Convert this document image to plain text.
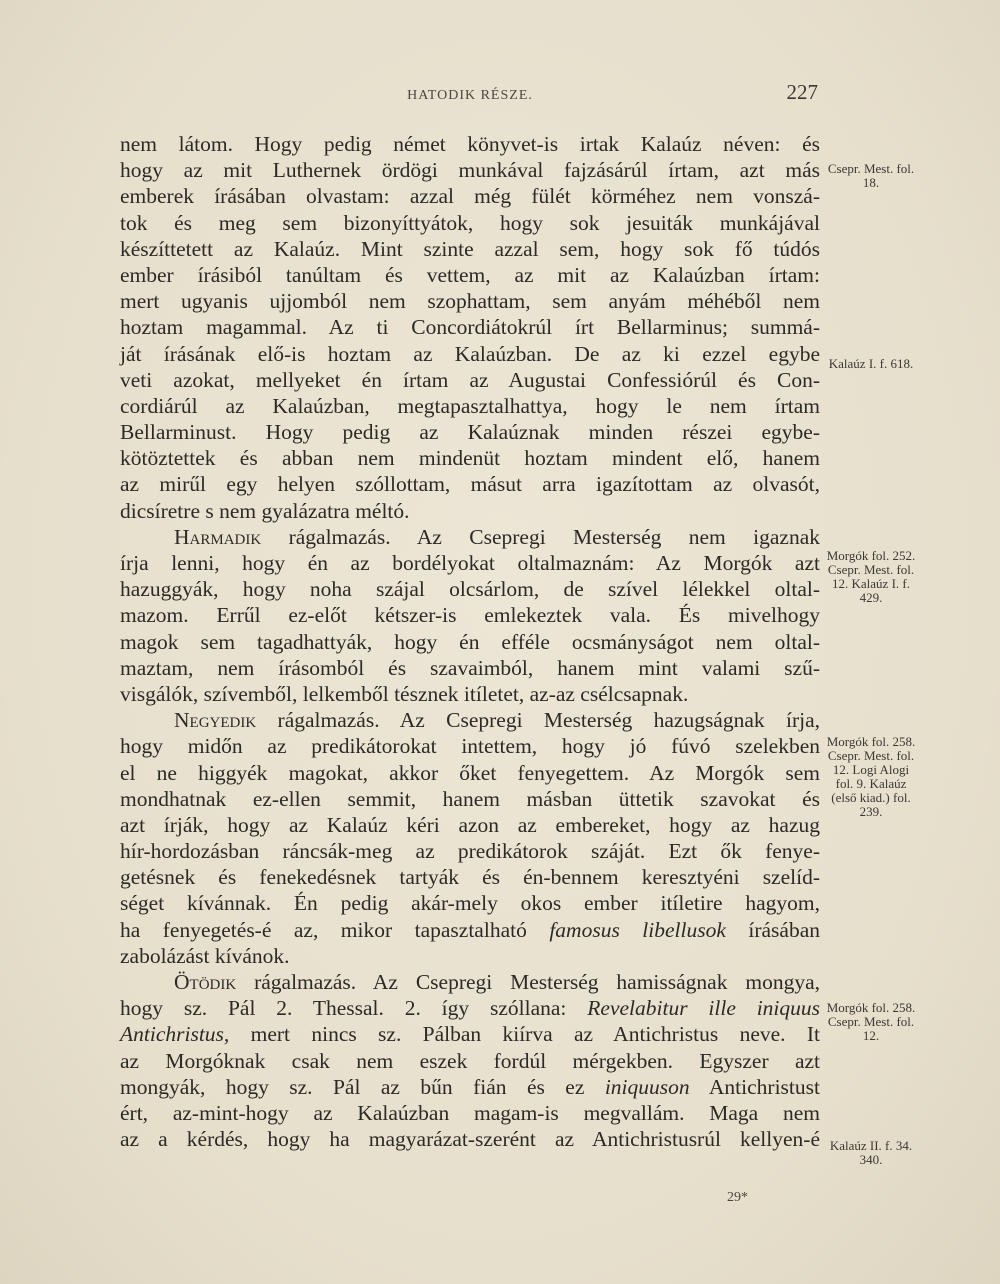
HATODIK RÉSZE.	227
nem látom. Hogy pedig német könyvet-is irtak Kalaúz néven: és
hogy az mit Luthernek ördögi munkával fajzásárúl írtam, azt más
emberek írásában olvastam: azzal még fülét körméhez nem vonszá-
tok és meg sem bizonyíttyátok, hogy sok jesuiták munkájával
készíttetett az Kalaúz. Mint szinte azzal sem, hogy sok fő túdós
ember írásiból tanúltam és vettem, az mit az Kalaúzban írtam:
mert ugyanis ujjomból nem szophattam, sem anyám méhéből nem
hoztam magammal. Az ti Concordiátokrúl írt Bellarminus; summá-
ját írásának elő-is hoztam az Kalaúzban. De az ki ezzel egybe
veti azokat, mellyeket én írtam az Augustai Confessiórúl és Con-
cordiárúl az Kalaúzban, megtapasztalhattya, hogy le nem írtam
Bellarminust. Hogy pedig az Kalaúznak minden részei egybe-
kötöztettek és abban nem mindenüt hoztam mindent elő, hanem
az mirűl egy helyen szóllottam, másut arra igazítottam az olvasót,
dicsíretre s nem gyalázatra méltó.
Harmadik rágalmazás. Az Csepregi Mesterség nem igaznak
írja lenni, hogy én az bordélyokat oltalmaznám: Az Morgók azt
hazuggyák, hogy noha szájal olcsárlom, de szível lélekkel oltal-
mazom. Errűl ez-előt kétszer-is emlekeztek vala. És mivelhogy
magok sem tagadhattyák, hogy én efféle ocsmányságot nem oltal-
maztam, nem írásomból és szavaimból, hanem mint valami szű-
visgálók, szívemből, lelkemből tésznek itíletet, az-az csélcsapnak.
Negyedik rágalmazás. Az Csepregi Mesterség hazugságnak írja,
hogy midőn az predikátorokat intettem, hogy jó fúvó szelekben
el ne higgyék magokat, akkor őket fenyegettem. Az Morgók sem
mondhatnak ez-ellen semmit, hanem másban üttetik szavokat és
azt írják, hogy az Kalaúz kéri azon az embereket, hogy az hazug
hír-hordozásban ráncsák-meg az predikátorok száját. Ezt ők fenye-
getésnek és fenekedésnek tartyák és én-bennem keresztyéni szelíd-
séget kívánnak. Én pedig akár-mely okos ember itíletire hagyom,
ha fenyegetés-é az, mikor tapasztalható famosus libellusok írásában
zabolázást kívánok.
Ötödik rágalmazás. Az Csepregi Mesterség hamisságnak mongya,
hogy sz. Pál 2. Thessal. 2. így szóllana: Revelabitur ille iniquus
Antichristus, mert nincs sz. Pálban kiírva az Antichristus neve. It
az Morgóknak csak nem eszek fordúl mérgekben. Egyszer azt
mongyák, hogy sz. Pál az bűn fián és ez iniquuson Antichristust
ért, az-mint-hogy az Kalaúzban magam-is megvallám. Maga nem
az a kérdés, hogy ha magyarázat-szerént az Antichristusrúl kellyen-é
Csepr. Mest. fol. 18.
Kalaúz I. f. 618.
Morgók fol. 252. Csepr. Mest. fol. 12. Kalaúz I. f. 429.
Morgók fol. 258. Csepr. Mest. fol. 12. Logi Alogi fol. 9. Kalaúz (első kiad.) fol. 239.
Morgók fol. 258. Csepr. Mest. fol. 12.
Kalaúz II. f. 34. 340.
29*
